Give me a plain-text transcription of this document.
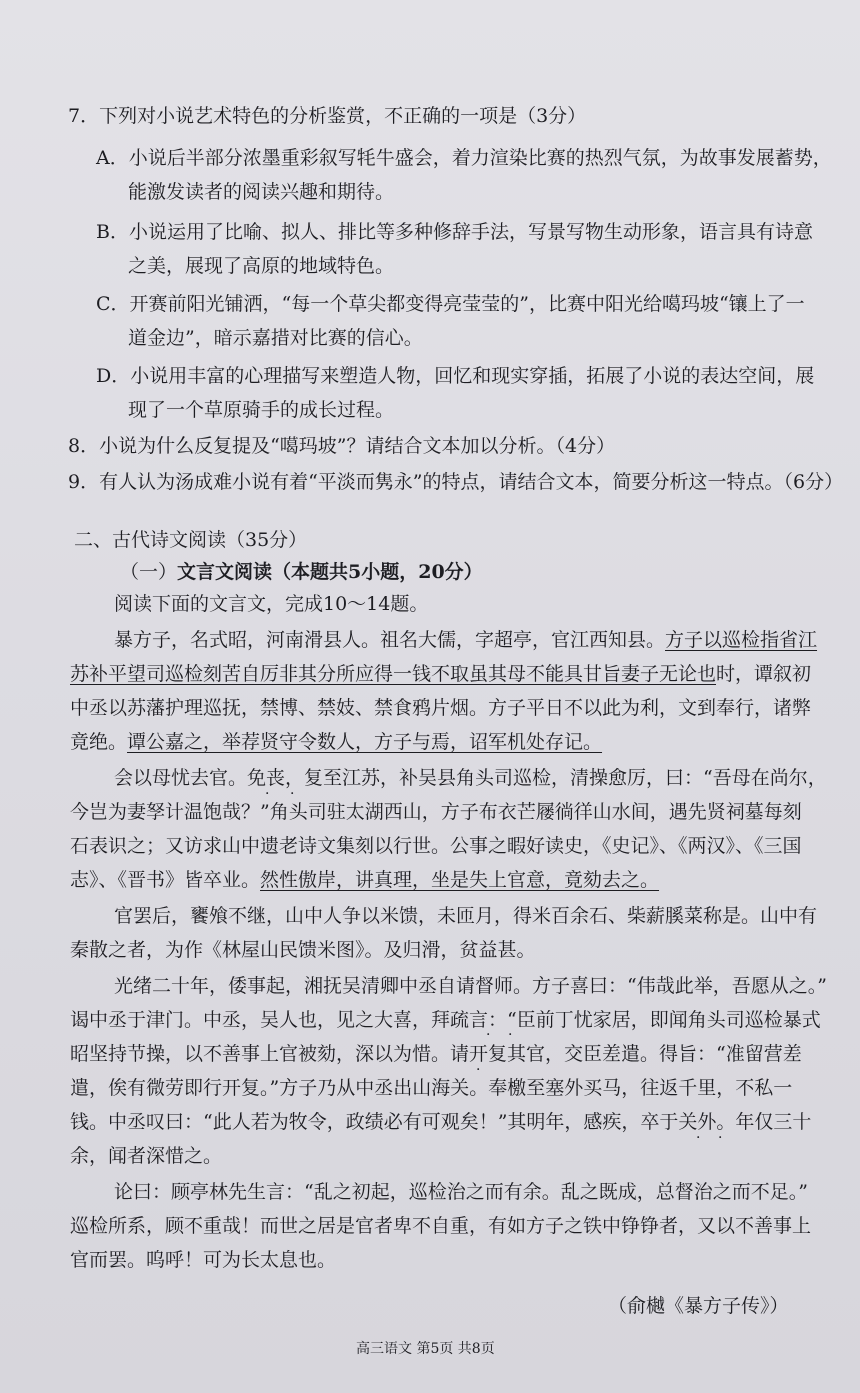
7．下列对小说艺术特色的分析鉴赏，不正确的一项是（3分）
A．小说后半部分浓墨重彩叙写牦牛盛会，着力渲染比赛的热烈气氛，为故事发展蓄势，
能激发读者的阅读兴趣和期待。
B．小说运用了比喻、拟人、排比等多种修辞手法，写景写物生动形象，语言具有诗意
之美，展现了高原的地域特色。
C．开赛前阳光铺洒，“每一个草尖都变得亮莹莹的”，比赛中阳光给噶玛坡“镶上了一
道金边”，暗示嘉措对比赛的信心。
D．小说用丰富的心理描写来塑造人物，回忆和现实穿插，拓展了小说的表达空间，展
现了一个草原骑手的成长过程。
8．小说为什么反复提及“噶玛坡”？请结合文本加以分析。（4分）
9．有人认为汤成难小说有着“平淡而隽永”的特点，请结合文本，简要分析这一特点。（6分）
二、古代诗文阅读（35分）
（一）文言文阅读（本题共5小题，20分）
阅读下面的文言文，完成10～14题。
暴方子，名式昭，河南滑县人。祖名大儒，字超亭，官江西知县。方子以巡检指省江
苏补平望司巡检刻苦自厉非其分所应得一钱不取虽其母不能具甘旨妻子无论也时，谭叙初
中丞以苏藩护理巡抚，禁博、禁妓、禁食鸦片烟。方子平日不以此为利，文到奉行，诸弊
竟绝。谭公嘉之，举荐贤守令数人，方子与焉，诏军机处存记。
会以母忧去官。免丧，复至江苏，补吴县角头司巡检，清操愈厉，曰：“吾母在尚尔，
· ·
今岂为妻孥计温饱哉？”角头司驻太湖西山，方子布衣芒屦徜徉山水间，遇先贤祠墓每刻
石表识之；又访求山中遗老诗文集刻以行世。公事之暇好读史，《史记》、《两汉》、《三国
志》、《晋书》皆卒业。然性傲岸，讲真理，坐是失上官意，竟劾去之。
官罢后，饔飧不继，山中人争以米馈，未匝月，得米百余石、柴薪膎菜称是。山中有
秦散之者，为作《林屋山民馈米图》。及归滑，贫益甚。
光绪二十年，倭事起，湘抚吴清卿中丞自请督师。方子喜曰：“伟哉此举，吾愿从之。”
谒中丞于津门。中丞，吴人也，见之大喜，拜疏言：“臣前丁忧家居，即闻角头司巡检暴式
· ·
昭坚持节操，以不善事上官被劾，深以为惜。请开复其官，交臣差遣。得旨：“准留营差
·
遣，俟有微劳即行开复。”方子乃从中丞出山海关。奉檄至塞外买马，往返千里，不私一
钱。中丞叹曰：“此人若为牧令，政绩必有可观矣！”其明年，感疾，卒于关外。年仅三十
· ·
余，闻者深惜之。
论曰：顾亭林先生言：“乱之初起，巡检治之而有余。乱之既成，总督治之而不足。”
巡检所系，顾不重哉！而世之居是官者卑不自重，有如方子之铁中铮铮者，又以不善事上
官而罢。呜呼！可为长太息也。
（俞樾《暴方子传》）
高三语文 第5页 共8页
